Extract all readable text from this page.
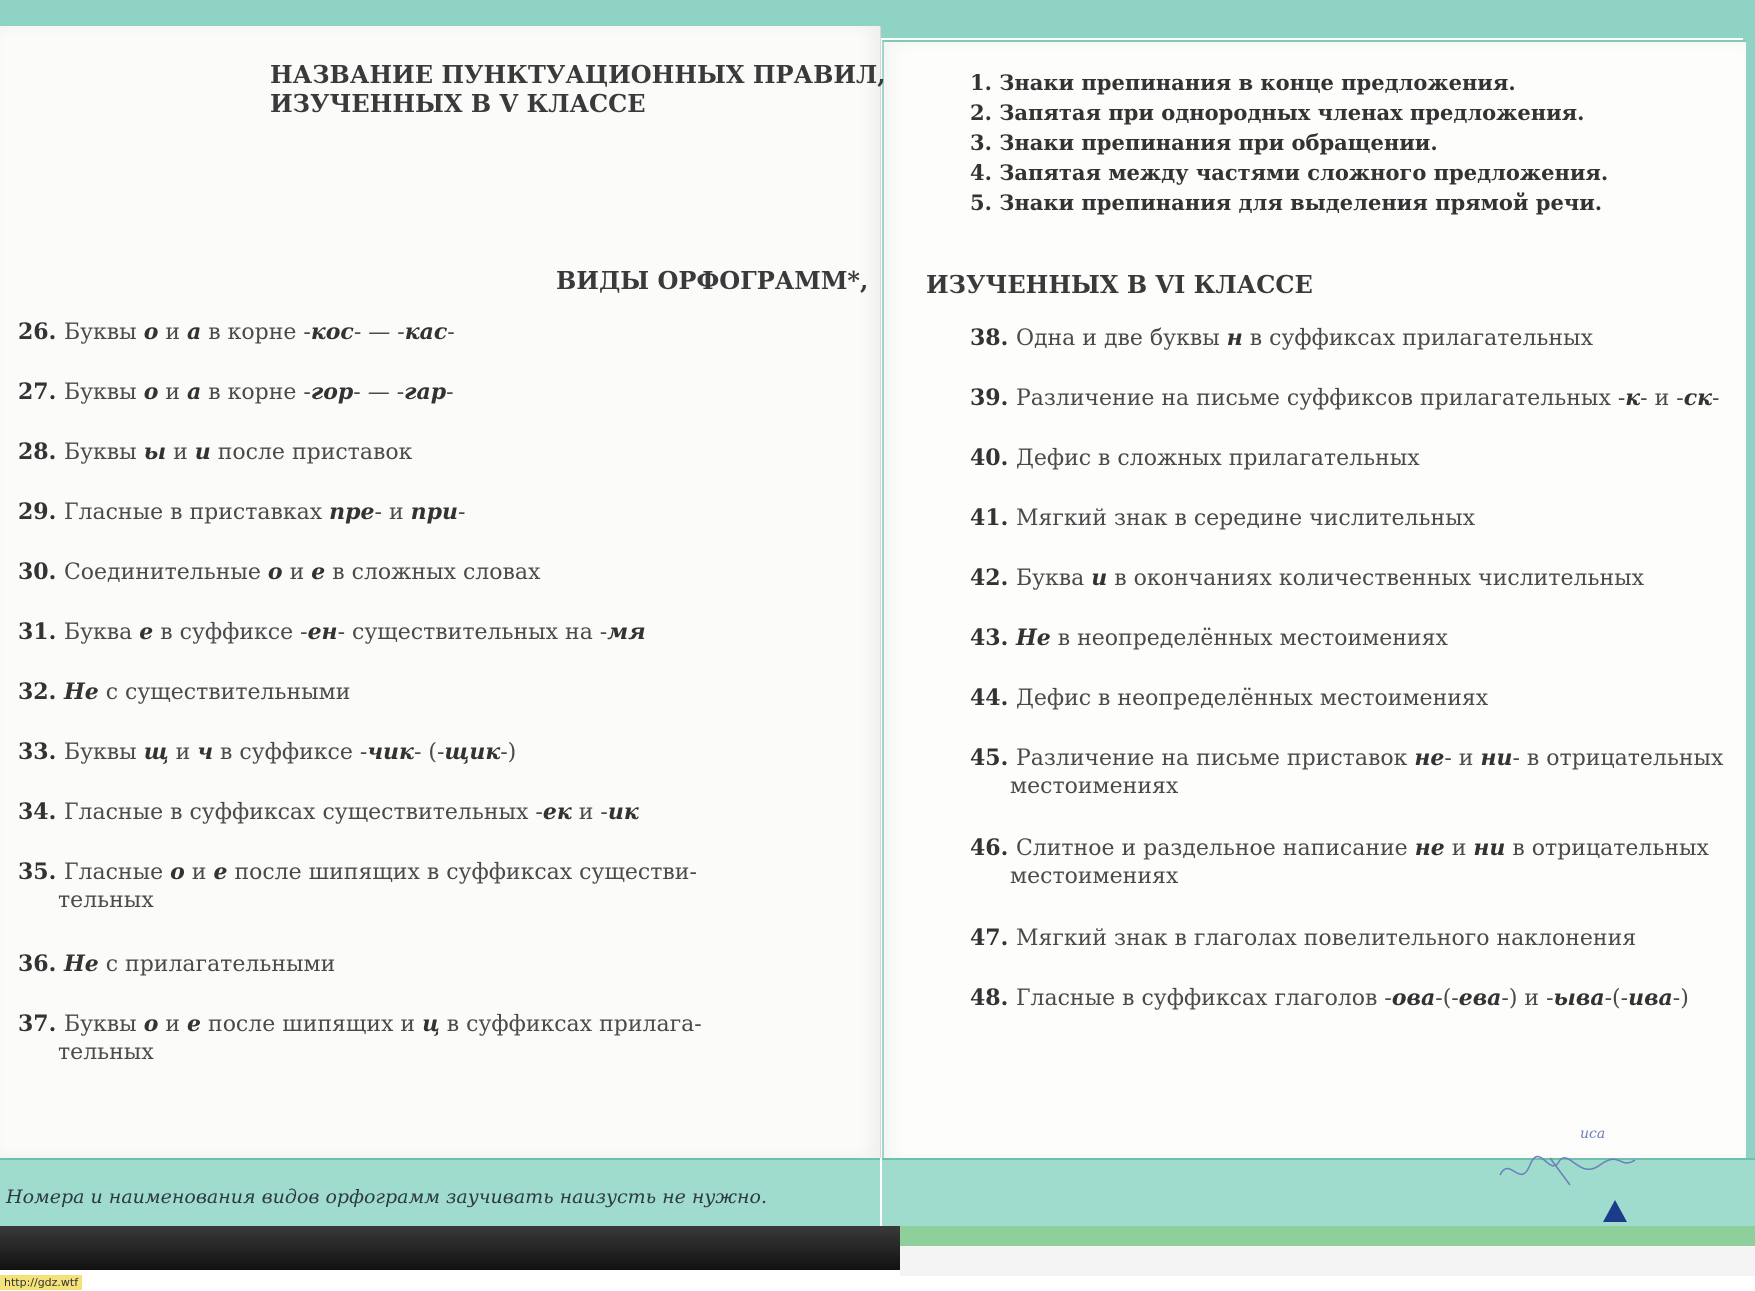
НАЗВАНИЕ ПУНКТУАЦИОННЫХ ПРАВИЛ,
ИЗУЧЕННЫХ В V КЛАССЕ
1. Знаки препинания в конце предложения.
2. Запятая при однородных членах предложения.
3. Знаки препинания при обращении.
4. Запятая между частями сложного предложения.
5. Знаки препинания для выделения прямой речи.
ВИДЫ ОРФОГРАММ*, ИЗУЧЕННЫХ В VI КЛАССЕ
26. Буквы о и а в корне -кос- — -кас-
27. Буквы о и а в корне -гор- — -гар-
28. Буквы ы и и после приставок
29. Гласные в приставках пре- и при-
30. Соединительные о и е в сложных словах
31. Буква е в суффиксе -ен- существительных на -мя
32. Не с существительными
33. Буквы щ и ч в суффиксе -чик- (-щик-)
34. Гласные в суффиксах существительных -ек и -ик
35. Гласные о и е после шипящих в суффиксах существи-
тельных
36. Не с прилагательными
37. Буквы о и е после шипящих и ц в суффиксах прилага-
тельных
38. Одна и две буквы н в суффиксах прилагательных
39. Различение на письме суффиксов прилагательных -к- и -ск-
40. Дефис в сложных прилагательных
41. Мягкий знак в середине числительных
42. Буква и в окончаниях количественных числительных
43. Не в неопределённых местоимениях
44. Дефис в неопределённых местоимениях
45. Различение на письме приставок не- и ни- в отрицательных
местоимениях
46. Слитное и раздельное написание не и ни в отрицательных
местоимениях
47. Мягкий знак в глаголах повелительного наклонения
48. Гласные в суффиксах глаголов -ова-(-ева-) и -ыва-(-ива-)
Номера и наименования видов орфограмм заучивать наизусть не нужно.
иса
http://gdz.wtf
